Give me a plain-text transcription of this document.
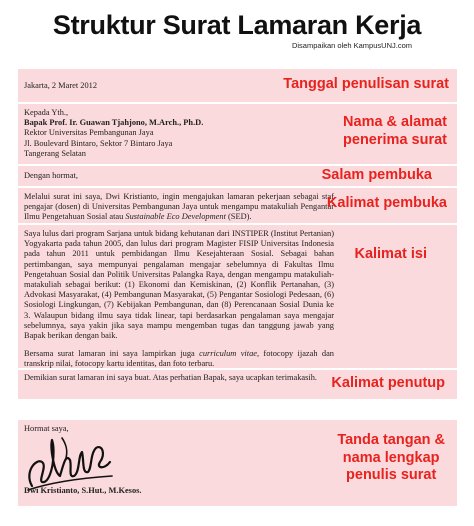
Struktur Surat Lamaran Kerja
Disampaikan oleh KampusUNJ.com
Jakarta, 2 Maret 2012	Tanggal penulisan surat

Kepada Yth.,

Bapak Prof. Ir. Guawan Tjahjono, M.Arch., Ph.D.

Rektor Universitas Pembangunan Jaya

Jl. Boulevard Bintaro, Sektor 7 Bintaro Jaya

Tangerang Selatan

Nama & alamat
penerima surat
Dengan hormat,	Salam pembuka
Melalui surat ini saya, Dwi Kristianto, ingin mengajukan lamaran pekerjaan sebagai staf pengajar (dosen) di Universitas Pembangunan Jaya untuk mengampu matakuliah Pengantar Ilmu Pengetahuan Sosial atau Sustainable Eco Development (SED).
Kalimat pembuka

Saya lulus dari program Sarjana untuk bidang kehutanan dari INSTIPER (Institut Pertanian) Yogyakarta pada tahun 2005, dan lulus dari program Magister FISIP Universitas Indonesia pada tahun 2011 untuk pembidangan Ilmu Kesejahteraan Sosial. Sebagai bahan pertimbangan, saya mempunyai pengalaman mengajar sebelumnya di Fakultas Ilmu Pengetahuan Sosial dan Politik Universitas Palangka Raya, dengan mengampu matakuliah-matakuliah sebagai berikut: (1) Ekonomi dan Kemiskinan, (2) Konflik Pertanahan, (3) Advokasi Masyarakat, (4) Pembangunan Masyarakat, (5) Pengantar Sosiologi Pedesaan, (6) Sosiologi Lingkungan, (7) Kebijakan Pembangunan, dan (8) Perencanaan Sosial Dunia ke 3. Walaupun bidang ilmu saya tidak linear, tapi berdasarkan pengalaman saya mengajar sebelumnya, saya yakin jika saya mampu mengemban tugas dan tanggung jawab yang Bapak berikan dengan baik.

Bersama surat lamaran ini saya lampirkan juga curriculum vitae, fotocopy ijazah dan transkrip nilai, fotocopy kartu identitas, dan foto terbaru.

Kalimat isi
Demikian surat lamaran ini saya buat. Atas perhatian Bapak, saya ucapkan terimakasih. Kalimat penutup
Hormat saya,
Dwi Kristianto, S.Hut., M.Kesos.
Tanda tangan &
nama lengkap
penulis surat
